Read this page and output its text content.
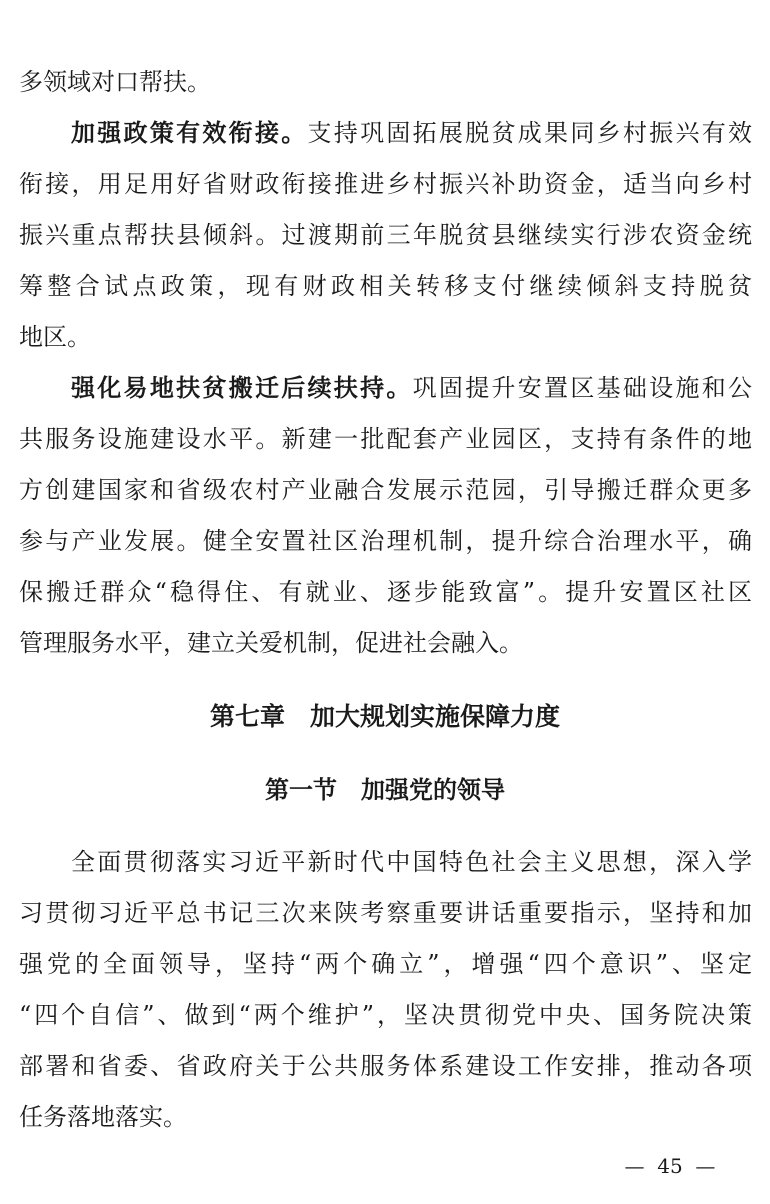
多领域对口帮扶。
加强政策有效衔接。支持巩固拓展脱贫成果同乡村振兴有效
衔接，用足用好省财政衔接推进乡村振兴补助资金，适当向乡村
振兴重点帮扶县倾斜。过渡期前三年脱贫县继续实行涉农资金统
筹整合试点政策，现有财政相关转移支付继续倾斜支持脱贫
地区。
强化易地扶贫搬迁后续扶持。巩固提升安置区基础设施和公
共服务设施建设水平。新建一批配套产业园区，支持有条件的地
方创建国家和省级农村产业融合发展示范园，引导搬迁群众更多
参与产业发展。健全安置社区治理机制，提升综合治理水平，确
保搬迁群众“稳得住、有就业、逐步能致富”。提升安置区社区
管理服务水平，建立关爱机制，促进社会融入。
第七章　加大规划实施保障力度
第一节　加强党的领导
全面贯彻落实习近平新时代中国特色社会主义思想，深入学
习贯彻习近平总书记三次来陕考察重要讲话重要指示，坚持和加
强党的全面领导，坚持“两个确立”，增强“四个意识”、坚定
“四个自信”、做到“两个维护”，坚决贯彻党中央、国务院决策
部署和省委、省政府关于公共服务体系建设工作安排，推动各项
任务落地落实。
—  45  —
